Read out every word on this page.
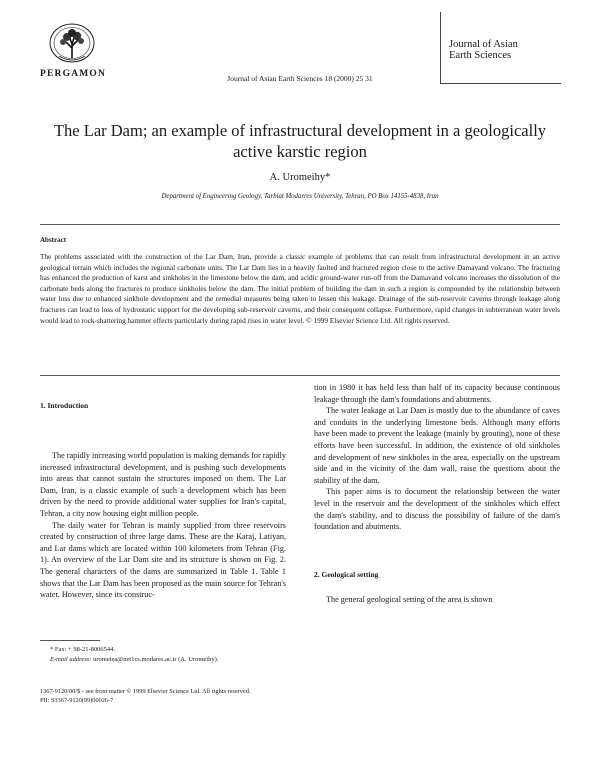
PERGAMON	Journal of Asian Earth Sciences 18 (2000) 25 31
Journal of Asian
Earth Sciences
The Lar Dam; an example of infrastructural development in a geologically active karstic region
A. Uromeihy*
Department of Engineering Geology, Tarbiat Modarres University, Tehran, PO Box 14155-4838, Iran
Abstract
The problems associated with the construction of the Lar Dam, Iran, provide a classic example of problems that can result from infrastructural development in an active geological terrain which includes the regional carbonate units. The Lar Dam lies in a heavily faulted and fractured region close to the active Damavand volcano. The fracturing has enhanced the production of karst and sinkholes in the limestone below the dam, and acidic ground-water run-off from the Damavand volcano increases the dissolution of the carbonate beds along the fractures to produce sinkholes below the dam. The initial problem of building the dam in such a region is compounded by the relationship between water loss due to enhanced sinkhole development and the remedial measures being taken to lessen this leakage. Drainage of the sub-reservoir caverns through leakage along fractures can lead to loss of hydrostatic support for the developing sub-reservoir caverns, and their consequent collapse. Furthermore, rapid changes in subterranean water levels would lead to rock-shattering hammer effects particularly during rapid rises in water level. © 1999 Elsevier Science Ltd. All rights reserved.
1. Introduction

The rapidly increasing world population is making demands for rapidly increased infrastructural development, and is pushing such developments into areas that cannot sustain the structures imposed on them. The Lar Dam, Iran, is a classic example of such a development which has been driven by the need to provide additional water supplies for Iran's capital, Tehran, a city now housing eight million people.

The daily water for Tehran is mainly supplied from three reservoirs created by construction of three large dams. These are the Karaj, Latiyan, and Lar dams which are located within 100 kilometers from Tehran (Fig. 1). An overview of the Lar Dam site and its structure is shown on Fig. 2. The general characters of the dams are summarized in Table 1. Table 1 shows that the Lar Dam has been proposed as the main source for Tehran's water. However, since its construc-

tion in 1980 it has held less than half of its capacity because continuous leakage through the dam's foundations and abutments.

The water leakage at Lar Dam is mostly due to the abundance of caves and conduits in the underlying limestone beds. Although many efforts have been made to prevent the leakage (mainly by grouting), none of these efforts have been successful. In addition, the existence of old sinkholes and development of new sinkholes in the area, especially on the upstream side and in the vicinity of the dam wall, raise the questions about the stability of the dam.

This paper aims is to document the relationship between the water level in the reservoir and the development of the sinkholes which effect the dam's stability, and to discuss the possibility of failure of the dam's foundation and abutments.

2. Geological setting

The general geological setting of the area is shown

* Fax: + 98-21-8006544.
E-mail address: uromeiea@net1cs.modares.ac.ir (A. Uromeihy).
1367-9120/00/$ - see front matter © 1999 Elsevier Science Ltd. All rights reserved.
PII: S1367-9120(99)00026-7
